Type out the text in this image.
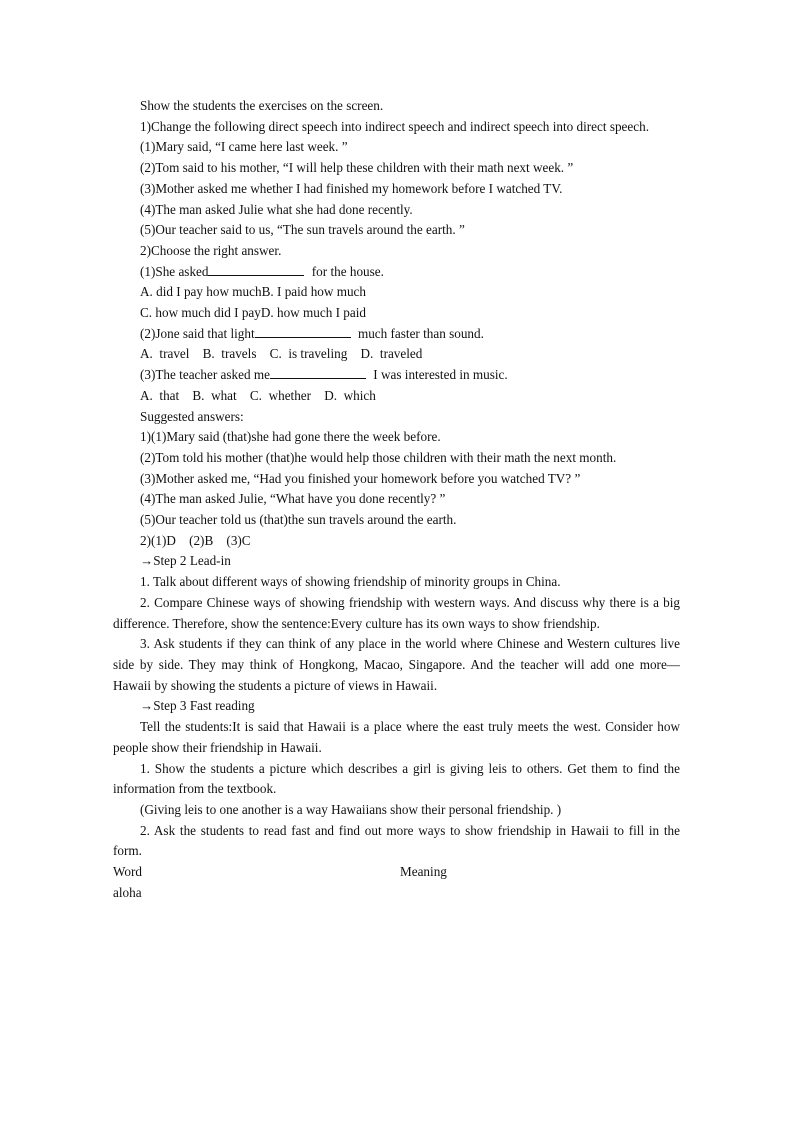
Show the students the exercises on the screen.

1)Change the following direct speech into indirect speech and indirect speech into direct speech.

(1)Mary said, “I came here last week. ”

(2)Tom said to his mother, “I will help these children with their math next week. ”

(3)Mother asked me whether I had finished my homework before I watched TV.

(4)The man asked Julie what she had done recently.

(5)Our teacher said to us, “The sun travels around the earth. ”

2)Choose the right answer.

(1)She asked	for the house.

A. did I pay how muchB. I paid how much

C. how much did I payD. how much I paid

(2)Jone said that light	much faster than sound.

A.  travel    B.  travels    C.  is traveling    D.  traveled

(3)The teacher asked me	I was interested in music.

A.  that    B.  what    C.  whether    D.  which

Suggested answers:

1)(1)Mary said (that)she had gone there the week before.

(2)Tom told his mother (that)he would help those children with their math the next month.

(3)Mother asked me, “Had you finished your homework before you watched TV? ”

(4)The man asked Julie, “What have you done recently? ”

(5)Our teacher told us (that)the sun travels around the earth.

2)(1)D    (2)B    (3)C

→Step 2 Lead-in

1. Talk about different ways of showing friendship of minority groups in China.

2. Compare Chinese ways of showing friendship with western ways. And discuss why there is a big difference. Therefore, show the sentence:Every culture has its own ways to show friendship.

3. Ask students if they can think of any place in the world where Chinese and Western cultures live side by side. They may think of Hongkong, Macao, Singapore. And the teacher will add one more—Hawaii by showing the students a picture of views in Hawaii.

→Step 3 Fast reading

Tell the students:It is said that Hawaii is a place where the east truly meets the west. Consider how people show their friendship in Hawaii.

1. Show the students a picture which describes a girl is giving leis to others. Get them to find the information from the textbook.

(Giving leis to one another is a way Hawaiians show their personal friendship. )

2. Ask the students to read fast and find out more ways to show friendship in Hawaii to fill in the form.

Word	Meaning
aloha
